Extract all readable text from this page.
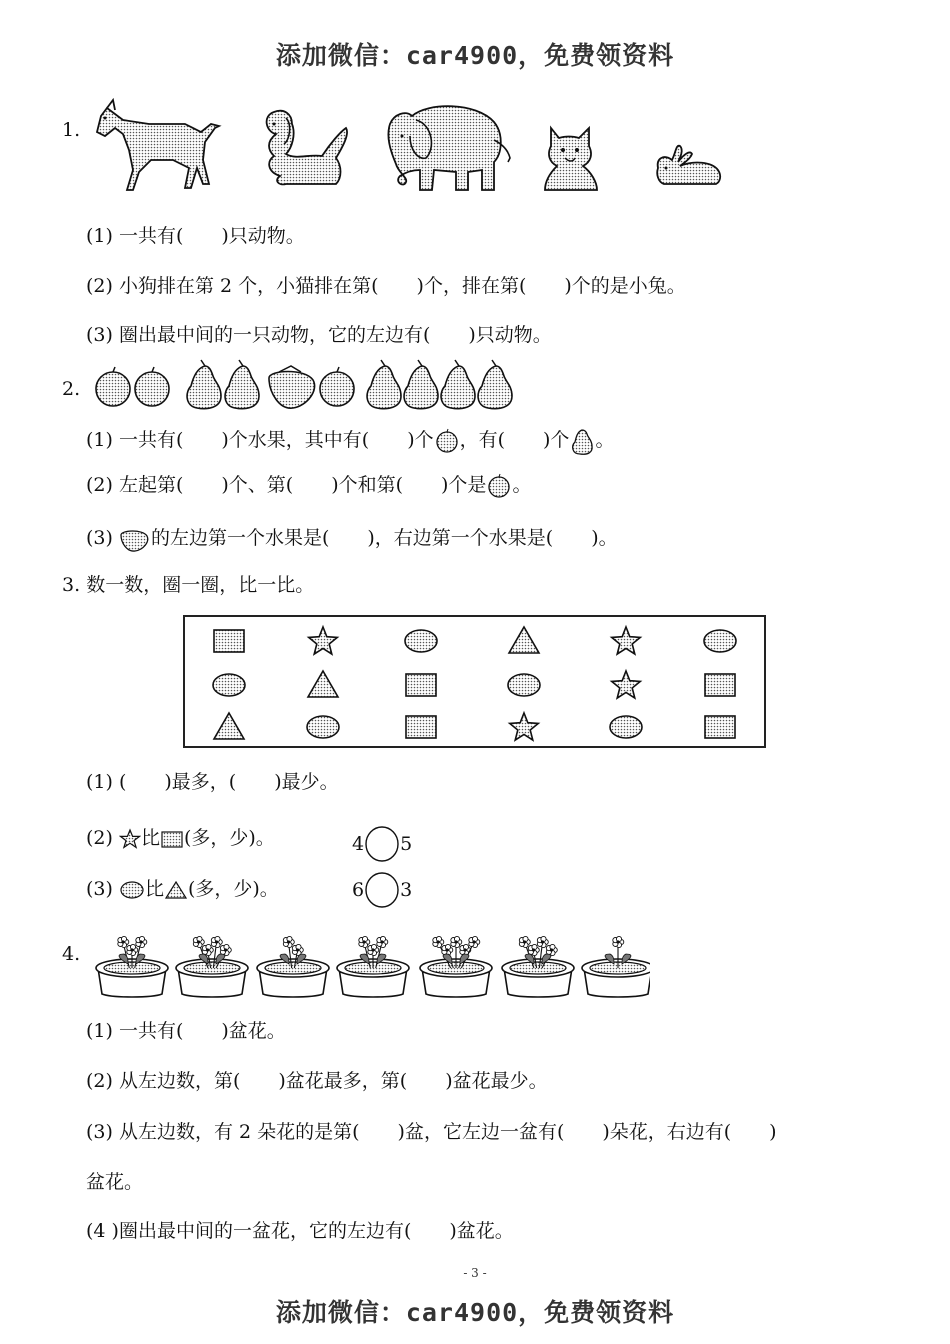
添加微信：car4900，免费领资料
1.
(1) 一共有(　　)只动物。
(2) 小狗排在第 2 个，小猫排在第(　　)个，排在第(　　)个的是小兔。
(3) 圈出最中间的一只动物，它的左边有(　　)只动物。
2.
(1) 一共有(　　)个水果，其中有(　　)个 ，有(　　)个 。
(2) 左起第(　　)个、第(　　)个和第(　　)个是 。
(3) 的左边第一个水果是(　　)，右边第一个水果是(　　)。
3. 数一数，圈一圈，比一比。
(1) (　　)最多，(　　)最少。
(2) 比 (多，少)。	4 5
(3) 比 (多，少)。	6 3
4.
(1) 一共有(　　)盆花。
(2) 从左边数，第(　　)盆花最多，第(　　)盆花最少。
(3) 从左边数，有 2 朵花的是第(　　)盆，它左边一盆有(　　)朵花，右边有(　　)
盆花。
(4 )圈出最中间的一盆花，它的左边有(　　)盆花。
- 3 -
添加微信：car4900，免费领资料
